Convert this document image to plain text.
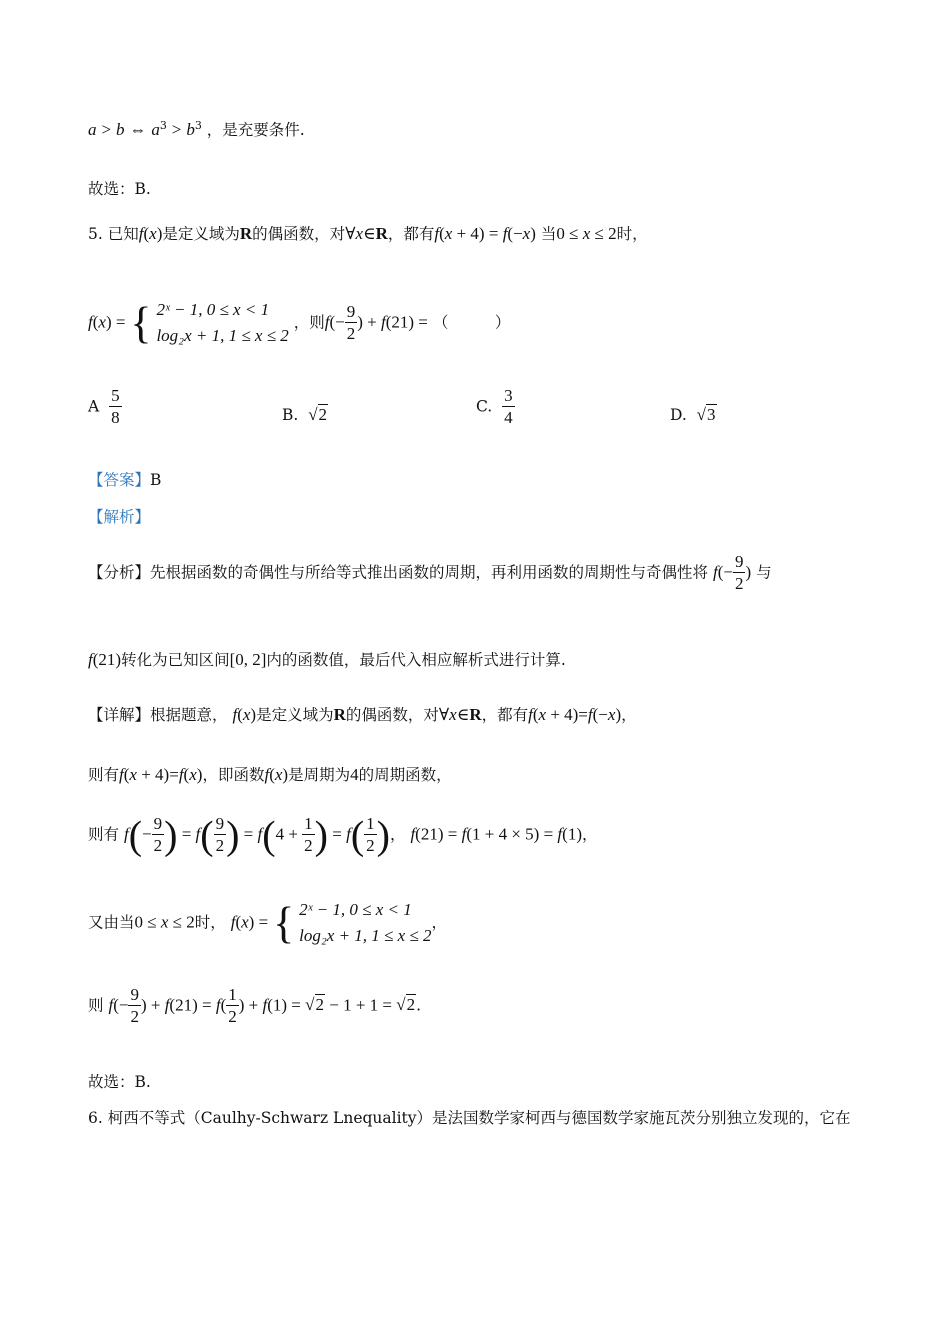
a > b ⇔ $a^3 > b^3$ ，是充要条件.
故选：B.
5. 已知f(x)是定义域为R的偶函数，对∀x∈R，都有f(x + 4) = f(−x) 当0 ≤ x ≤ 2时，
f(x) = { 2ˣ − 1, 0 ≤ x < 1
log₂x + 1, 1 ≤ x ≤ 2
，则$f(- \frac{9}{2}$ ) + f(21) = （　　　）
A $\frac{5}{8}$	B. √2	C. $\frac{3}{4}$	D. √3
【答案】B
【解析】
【分析】先根据函数的奇偶性与所给等式推出函数的周期，再利用函数的周期性与奇偶性将 $f(- \frac{9}{2}$ ) 与
f(21)转化为已知区间[0, 2]内的函数值，最后代入相应解析式进行计算.
【详解】根据题意， f(x)是定义域为R的偶函数，对∀x∈R，都有f(x + 4)=f(−x)，
则有f(x + 4)=f(x)，即函数f(x)是周期为4的周期函数，
则有 $f(- \frac{9}{2}$ ) = $f( \frac{9}{2}$ ) = $f(4 + \frac{1}{2}$ ) = $f( \frac{1}{2}$ )， f(21) = f(1 + 4 × 5) = f(1)，
又由当0 ≤ x ≤ 2时， f(x) = { 2ˣ − 1, 0 ≤ x < 1
log₂x + 1, 1 ≤ x ≤ 2
，
则 $f(- \frac{9}{2}$ ) + $f(21) = f( \frac{1}{2}$ ) + f(1) = √2 − 1 + 1 = √2.
故选：B.
6. 柯西不等式（Caulhy-Schwarz Lnequality）是法国数学家柯西与德国数学家施瓦茨分别独立发现的，它在
